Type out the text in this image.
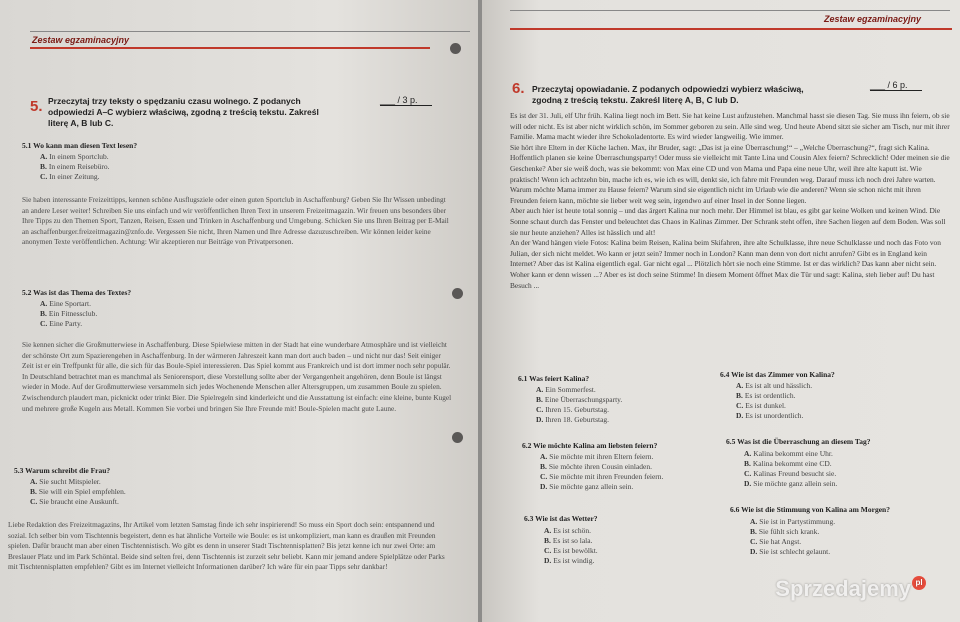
Zestaw egzaminacyjny
5. Przeczytaj trzy teksty o spędzaniu czasu wolnego. Z podanych odpowiedzi A–C wybierz właściwą, zgodną z treścią tekstu. Zakreśl literę A, B lub C.
___ / 3 p.
5.1 Wo kann man diesen Text lesen?
A. In einem Sportclub.
B. In einem Reisebüro.
C. In einer Zeitung.
Sie haben interessante Freizeittipps, kennen schöne Ausflugsziele oder einen guten Sportclub in Aschaffenburg? Geben Sie Ihr Wissen unbedingt an andere Leser weiter! Schreiben Sie uns einfach und wir veröffentlichen Ihren Text in unserem Freizeitmagazin. Wir freuen uns besonders über Ihre Tipps zu den Themen Sport, Tanzen, Reisen, Essen und Trinken in Aschaffenburg und Umgebung. Schicken Sie uns Ihren Beitrag per E-Mail an aschaffenburger.freizeitmagazin@znfo.de. Vergessen Sie nicht, Ihren Namen und Ihre Adresse dazuzuschreiben. Wir können leider keine anonymen Texte veröffentlichen. Achtung: Wir akzeptieren nur Beiträge von Privatpersonen.
5.2 Was ist das Thema des Textes?
A. Eine Sportart.
B. Ein Fitnessclub.
C. Eine Party.
Sie kennen sicher die Großmutterwiese in Aschaffenburg. Diese Spielwiese mitten in der Stadt hat eine wunderbare Atmosphäre und ist vielleicht der schönste Ort zum Spazierengehen in Aschaffenburg. In der wärmeren Jahreszeit kann man dort auch baden – und nicht nur das! Seit einiger Zeit ist er ein Treffpunkt für alle, die sich für das Boule-Spiel interessieren. Das Spiel kommt aus Frankreich und ist dort immer noch sehr populär. In Deutschland betrachtet man es manchmal als Seniorensport, diese Vorstellung sollte aber der Vergangenheit angehören, denn Boule ist längst wieder in Mode. Auf der Großmutterwiese versammeln sich jedes Wochenende Menschen aller Altersgruppen, um zusammen Boule zu spielen. Zwischendurch plaudert man, picknickt oder trinkt Bier. Die Spielregeln sind kinderleicht und die Ausstattung ist einfach: eine kleine, bunte Kugel und mehrere große Kugeln aus Metall. Kommen Sie vorbei und bringen Sie Ihre Freunde mit! Boule-Spielen macht gute Laune.
5.3 Warum schreibt die Frau?
A. Sie sucht Mitspieler.
B. Sie will ein Spiel empfehlen.
C. Sie braucht eine Auskunft.
Liebe Redaktion des Freizeitmagazins, Ihr Artikel vom letzten Samstag finde ich sehr inspirierend! So muss ein Sport doch sein: entspannend und sozial. Ich selber bin vom Tischtennis begeistert, denn es hat ähnliche Vorteile wie Boule: es ist unkompliziert, man kann es draußen mit Freunden spielen. Dafür braucht man aber einen Tischtennistisch. Wo gibt es denn in unserer Stadt Tischtennisplatten? Bis jetzt kenne ich nur zwei Orte: am Breslauer Platz und im Park Schöntal. Beide sind selten frei, denn Tischtennis ist zurzeit sehr beliebt. Kann mir jemand andere Spielplätze oder Parks mit Tischtennisplatten empfehlen? Gibt es im Internet vielleicht Informationen darüber? Ich wäre für ein paar Tipps sehr dankbar!
Zestaw egzaminacyjny
6. Przeczytaj opowiadanie. Z podanych odpowiedzi wybierz właściwą, zgodną z treścią tekstu. Zakreśl literę A, B, C lub D.
___ / 6 p.

Es ist der 31. Juli, elf Uhr früh. Kalina liegt noch im Bett. Sie hat keine Lust aufzustehen. Manchmal hasst sie diesen Tag. Sie muss ihn feiern, ob sie will oder nicht. Es ist aber nicht wirklich schön, im Sommer geboren zu sein. Alle sind weg. Und heute Abend sitzt sie sicher am Tisch, nur mit ihrer Familie. Mama macht wieder ihre Schokoladentorte. Es wird wieder langweilig. Wie immer.

Sie hört ihre Eltern in der Küche lachen. Max, ihr Bruder, sagt: „Das ist ja eine Überraschung!“ – „Welche Überraschung?“, fragt sich Kalina. Hoffentlich planen sie keine Überraschungsparty! Oder muss sie vielleicht mit Tante Lina und Cousin Alex feiern? Schrecklich! Oder meinen sie die Geschenke? Aber sie weiß doch, was sie bekommt: von Max eine CD und von Mama und Papa eine neue Uhr, weil ihre alte kaputt ist. Wie praktisch! Wenn ich achtzehn bin, mache ich es, wie ich es will, denkt sie, ich fahre mit Freunden weg. Darauf muss ich noch drei Jahre warten. Warum möchte Mama immer zu Hause feiern? Warum sind sie eigentlich nicht im Urlaub wie die anderen? Wenn sie schon nicht mit ihren Freunden feiern kann, möchte sie lieber weit weg sein, irgendwo auf einer Insel in der Sonne liegen.

Aber auch hier ist heute total sonnig – und das ärgert Kalina nur noch mehr. Der Himmel ist blau, es gibt gar keine Wolken und keinen Wind. Die Sonne schaut durch das Fenster und beleuchtet das Chaos in Kalinas Zimmer. Der Schrank steht offen, ihre Sachen liegen auf dem Boden. Was soll sie nur heute anziehen? Alles ist hässlich und alt!

An der Wand hängen viele Fotos: Kalina beim Reisen, Kalina beim Skifahren, ihre alte Schulklasse, ihre neue Schulklasse und noch das Foto von Julian, der sich nicht meldet. Wo kann er jetzt sein? Immer noch in London? Kann man denn von dort nicht anrufen? Gibt es in England kein Internet? Aber das ist Kalina eigentlich egal. Gar nicht egal ... Plötzlich hört sie noch eine Stimme. Ist er das wirklich? Das kann aber nicht sein. Woher kann er denn wissen ...? Aber es ist doch seine Stimme! In diesem Moment öffnet Max die Tür und sagt: Kalina, steh lieber auf! Du hast Besuch ...

6.1 Was feiert Kalina?
A. Ein Sommerfest.
B. Eine Überraschungsparty.
C. Ihren 15. Geburtstag.
D. Ihren 18. Geburtstag.
6.2 Wie möchte Kalina am liebsten feiern?
A. Sie möchte mit ihren Eltern feiern.
B. Sie möchte ihren Cousin einladen.
C. Sie möchte mit ihren Freunden feiern.
D. Sie möchte ganz allein sein.
6.3 Wie ist das Wetter?
A. Es ist schön.
B. Es ist so lala.
C. Es ist bewölkt.
D. Es ist windig.
6.4 Wie ist das Zimmer von Kalina?
A. Es ist alt und hässlich.
B. Es ist ordentlich.
C. Es ist dunkel.
D. Es ist unordentlich.
6.5 Was ist die Überraschung an diesem Tag?
A. Kalina bekommt eine Uhr.
B. Kalina bekommt eine CD.
C. Kalinas Freund besucht sie.
D. Sie möchte ganz allein sein.
6.6 Wie ist die Stimmung von Kalina am Morgen?
A. Sie ist in Partystimmung.
B. Sie fühlt sich krank.
C. Sie hat Angst.
D. Sie ist schlecht gelaunt.
Sprzedajemy pl
